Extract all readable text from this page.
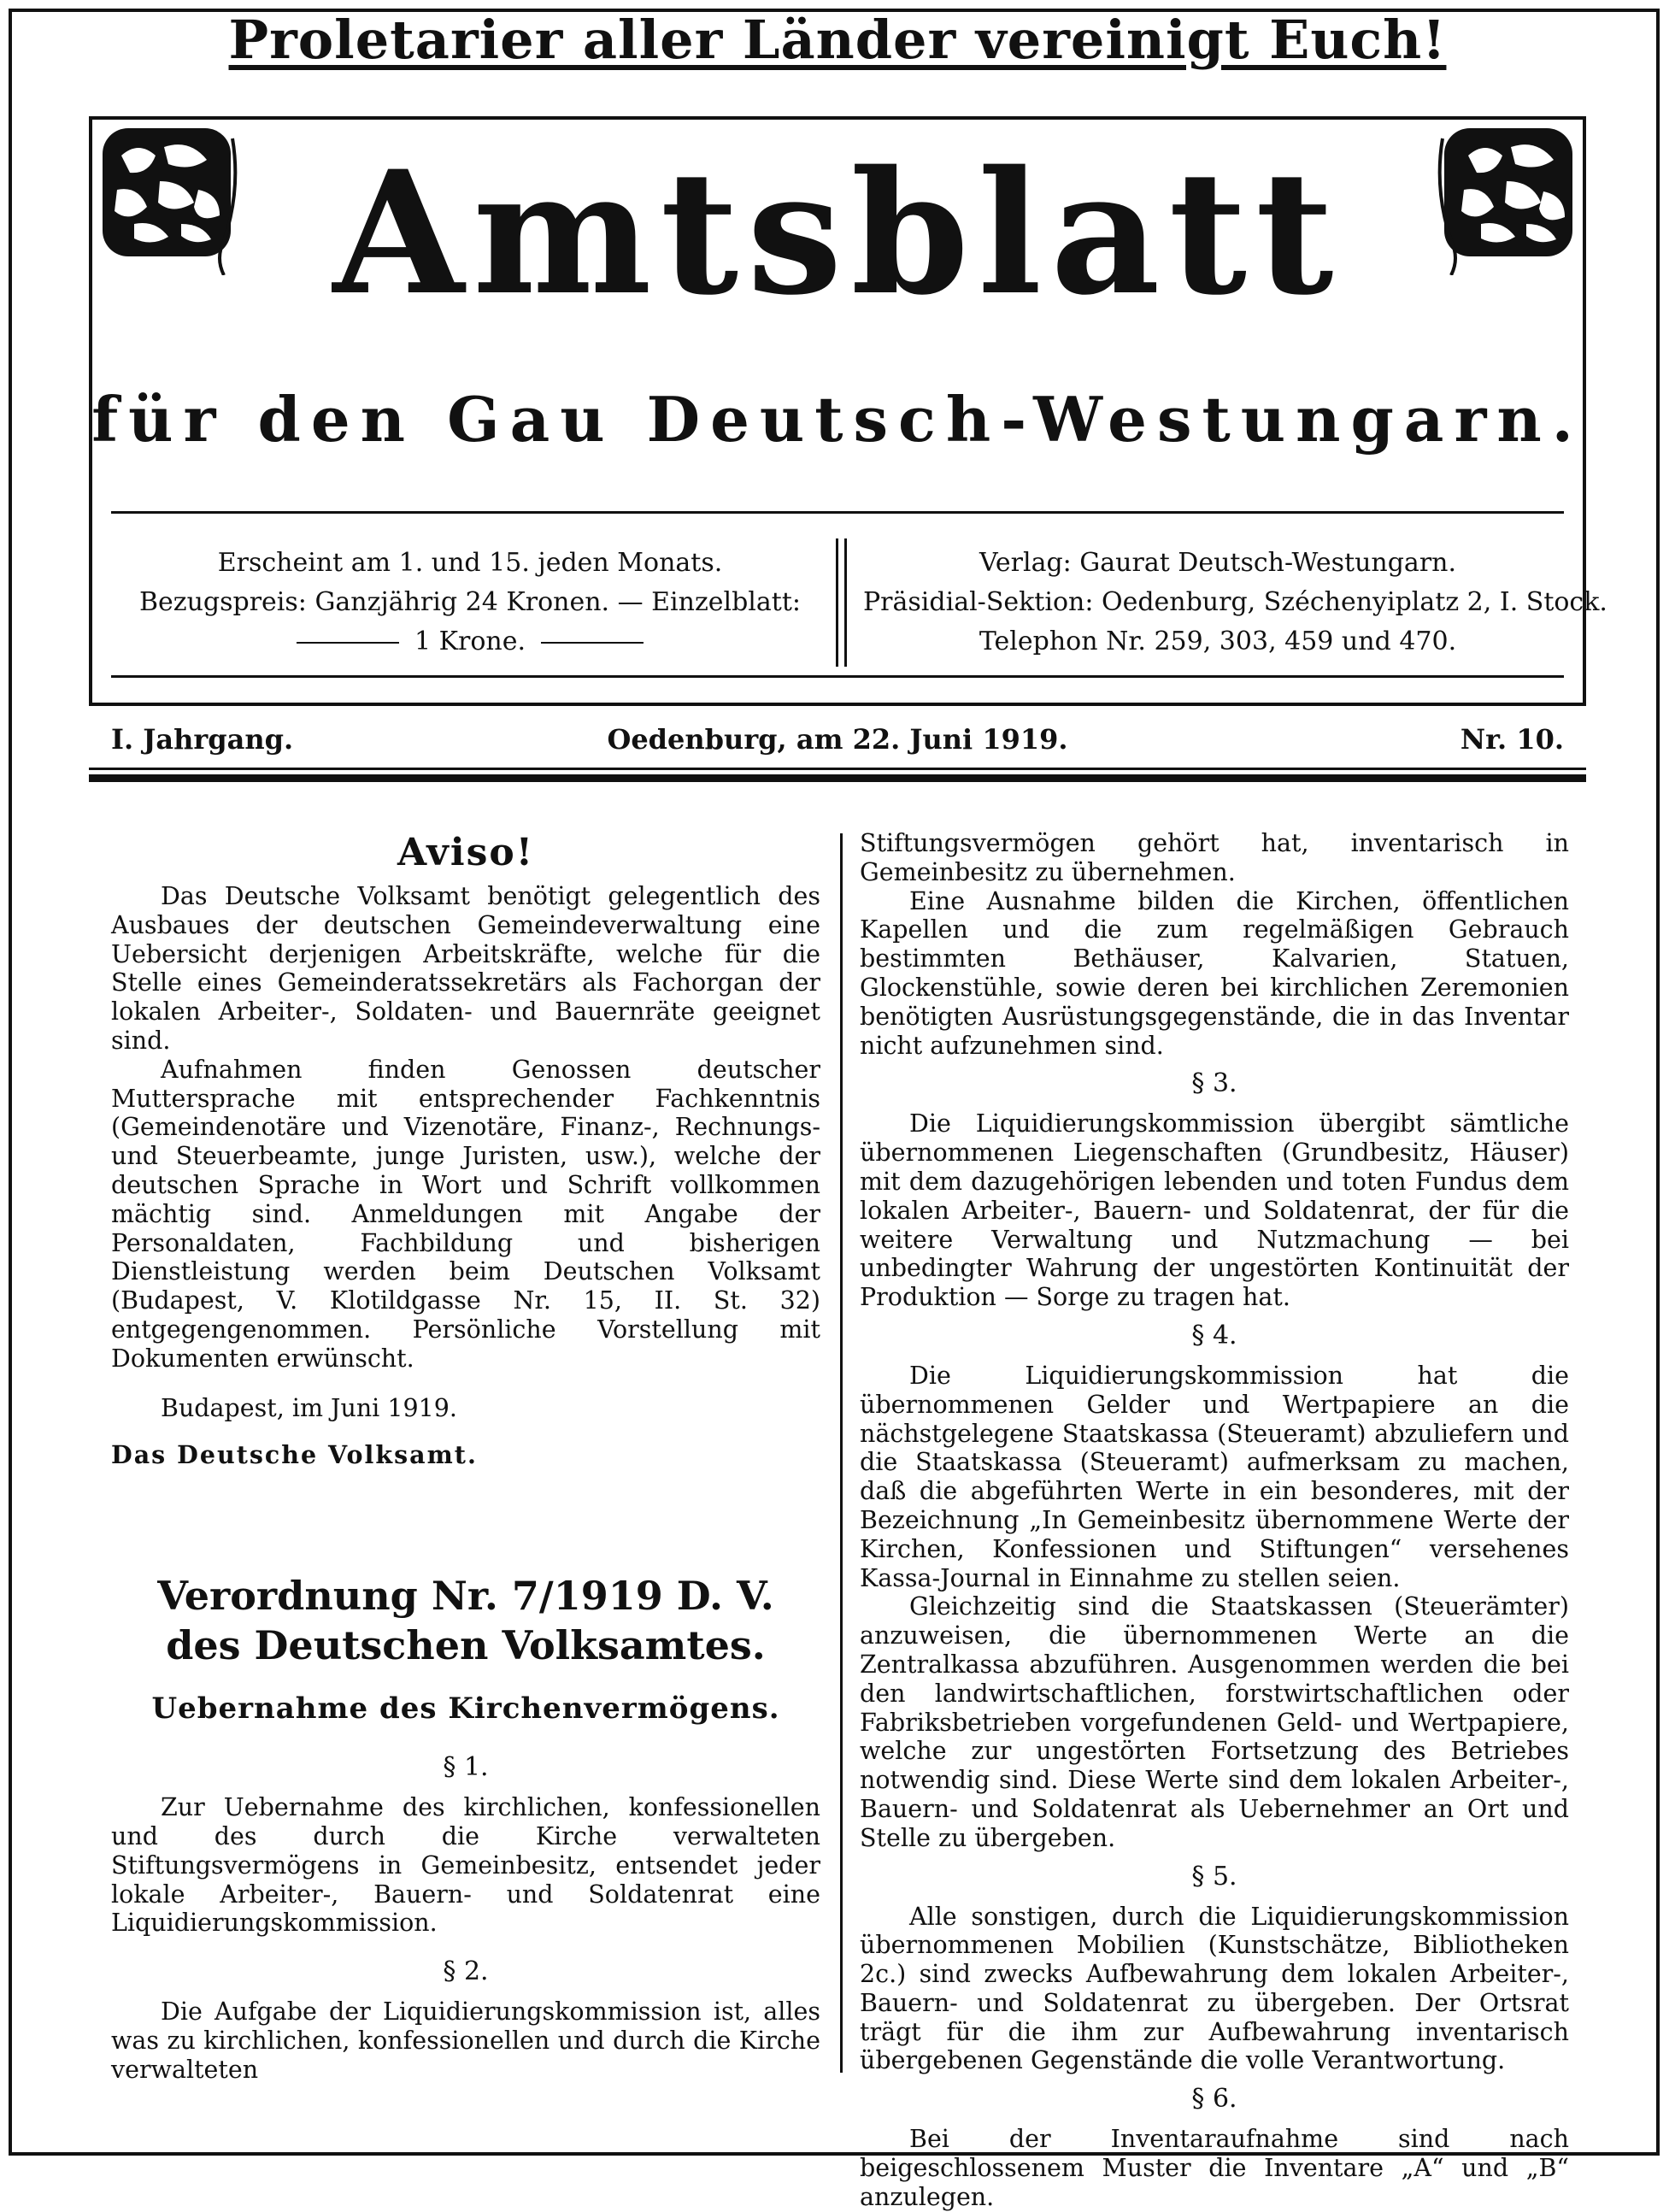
Proletarier aller Länder vereinigt Euch!
Amtsblatt
für den Gau Deutsch-Westungarn.
Erscheint am 1. und 15. jeden Monats.
Bezugspreis: Ganzjährig 24 Kronen. — Einzelblatt:
1 Krone.
Verlag: Gaurat Deutsch-Westungarn.
Präsidial-Sektion: Oedenburg, Széchenyiplatz 2, I. Stock.
Telephon Nr. 259, 303, 459 und 470.
I. Jahrgang.	Oedenburg, am 22. Juni 1919.	Nr. 10.
Aviso!

Das Deutsche Volksamt benötigt gelegentlich des Ausbaues der deutschen Gemeindeverwaltung eine Uebersicht derjenigen Arbeitskräfte, welche für die Stelle eines Gemeinderatssekretärs als Fachorgan der lokalen Arbeiter-, Soldaten- und Bauernräte geeignet sind.

Aufnahmen finden Genossen deutscher Muttersprache mit entsprechender Fachkenntnis (Gemeindenotäre und Vizenotäre, Finanz-, Rechnungs- und Steuerbeamte, junge Juristen, usw.), welche der deutschen Sprache in Wort und Schrift vollkommen mächtig sind. Anmeldungen mit Angabe der Personaldaten, Fachbildung und bisherigen Dienstleistung werden beim Deutschen Volksamt (Budapest, V. Klotildgasse Nr. 15, II. St. 32) entgegengenommen. Persönliche Vorstellung mit Dokumenten erwünscht.

Budapest, im Juni 1919.

Das Deutsche Volksamt.

Verordnung Nr. 7/1919 D. V.
des Deutschen Volksamtes.
Uebernahme des Kirchenvermögens.
§ 1.

Zur Uebernahme des kirchlichen, konfessionellen und des durch die Kirche verwalteten Stiftungsvermögens in Gemeinbesitz, entsendet jeder lokale Arbeiter-, Bauern- und Soldatenrat eine Liquidierungskommission.

§ 2.

Die Aufgabe der Liquidierungskommission ist, alles was zu kirchlichen, konfessionellen und durch die Kirche verwalteten

Stiftungsvermögen gehört hat, inventarisch in Gemeinbesitz zu übernehmen.

Eine Ausnahme bilden die Kirchen, öffentlichen Kapellen und die zum regelmäßigen Gebrauch bestimmten Bethäuser, Kalvarien, Statuen, Glockenstühle, sowie deren bei kirchlichen Zeremonien benötigten Ausrüstungsgegenstände, die in das Inventar nicht aufzunehmen sind.

§ 3.

Die Liquidierungskommission übergibt sämtliche übernommenen Liegenschaften (Grundbesitz, Häuser) mit dem dazugehörigen lebenden und toten Fundus dem lokalen Arbeiter-, Bauern- und Soldatenrat, der für die weitere Verwaltung und Nutzmachung — bei unbedingter Wahrung der ungestörten Kontinuität der Produktion — Sorge zu tragen hat.

§ 4.

Die Liquidierungskommission hat die übernommenen Gelder und Wertpapiere an die nächstgelegene Staatskassa (Steueramt) abzuliefern und die Staatskassa (Steueramt) aufmerksam zu machen, daß die abgeführten Werte in ein besonderes, mit der Bezeichnung „In Gemeinbesitz übernommene Werte der Kirchen, Konfessionen und Stiftungen“ versehenes Kassa-Journal in Einnahme zu stellen seien.

Gleichzeitig sind die Staatskassen (Steuerämter) anzuweisen, die übernommenen Werte an die Zentralkassa abzuführen. Ausgenommen werden die bei den landwirtschaftlichen, forstwirtschaftlichen oder Fabriksbetrieben vorgefundenen Geld- und Wertpapiere, welche zur ungestörten Fortsetzung des Betriebes notwendig sind. Diese Werte sind dem lokalen Arbeiter-, Bauern- und Soldatenrat als Uebernehmer an Ort und Stelle zu übergeben.

§ 5.

Alle sonstigen, durch die Liquidierungskommission übernommenen Mobilien (Kunstschätze, Bibliotheken 2c.) sind zwecks Aufbewahrung dem lokalen Arbeiter-, Bauern- und Soldatenrat zu übergeben. Der Ortsrat trägt für die ihm zur Aufbewahrung inventarisch übergebenen Gegenstände die volle Verantwortung.

§ 6.

Bei der Inventaraufnahme sind nach beigeschlossenem Muster die Inventare „A“ und „B“ anzulegen.
